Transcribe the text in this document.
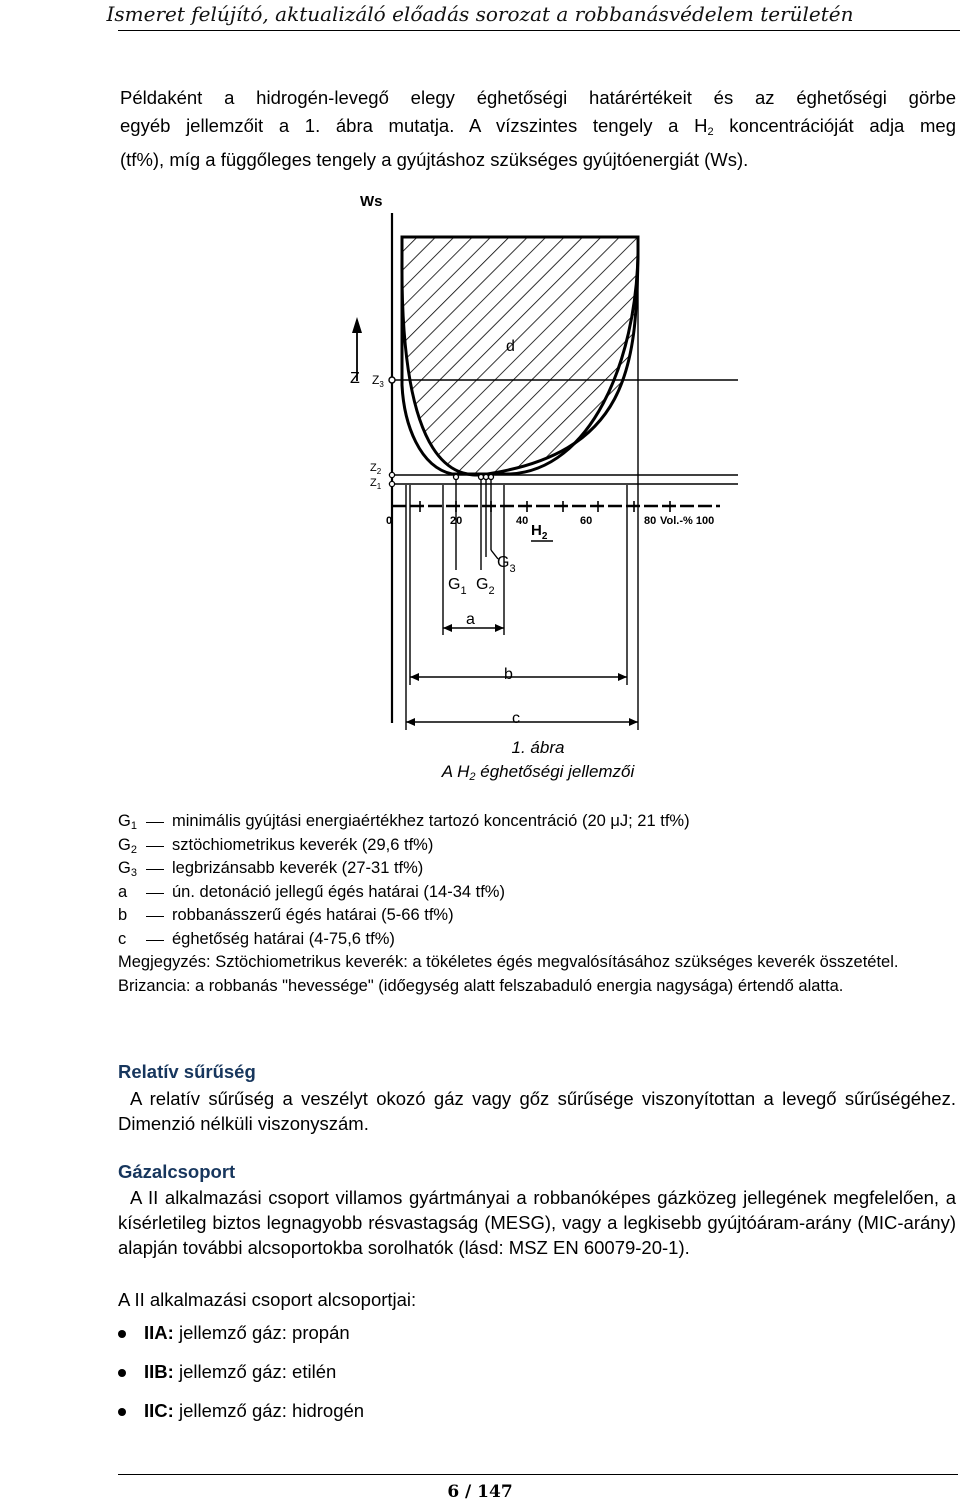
Ismeret felújító, aktualizáló előadás sorozat a robbanásvédelem területén
Példaként a hidrogén-levegő elegy éghetőségi határértékeit és az éghetőségi görbe
egyéb jellemzőit a 1. ábra mutatja. A vízszintes tengely a $H_2$ koncentrációját adja meg
(tf%), míg a függőleges tengely a gyújtáshoz szükséges gyújtóenergiát (Ws).
Ws
Z $Z_3$
$Z_2$
$Z_1$
d
0	20	40	60	80 Vol.-% 100
$H_2$
$G_1$ $G_2$
$G_3$
a
b
c
1. ábra
A $H_2$ éghetőségi jellemzői
$G_1$	minimális gyújtási energiaértékhez tartozó koncentráció (20 μJ; 21 tf%)
$G_2$	sztöchiometrikus keverék (29,6 tf%)
$G_3$	legbrizánsabb keverék (27-31 tf%)
a	ún. detonáció jellegű égés határai (14-34 tf%)
b	robbanásszerű égés határai (5-66 tf%)
c	éghetőség határai (4-75,6 tf%)
Megjegyzés: Sztöchiometrikus keverék: a tökéletes égés megvalósításához szükséges keverék összetétel.
Brizancia: a robbanás "hevessége" (időegység alatt felszabaduló energia nagysága) értendő alatta.
Relatív sűrűség
A relatív sűrűség a veszélyt okozó gáz vagy gőz sűrűsége viszonyítottan a levegő sűrűségéhez. Dimenzió nélküli viszonyszám.
Gázalcsoport
A II alkalmazási csoport villamos gyártmányai a robbanóképes gázközeg jellegének megfelelően, a kísérletileg biztos legnagyobb résvastagság (MESG), vagy a legkisebb gyújtóáram-arány (MIC-arány) alapján további alcsoportokba sorolhatók (lásd: MSZ EN 60079-20-1).
A II alkalmazási csoport alcsoportjai:
IIA: jellemző gáz: propán
IIB: jellemző gáz: etilén
IIC: jellemző gáz: hidrogén
6 / 147
